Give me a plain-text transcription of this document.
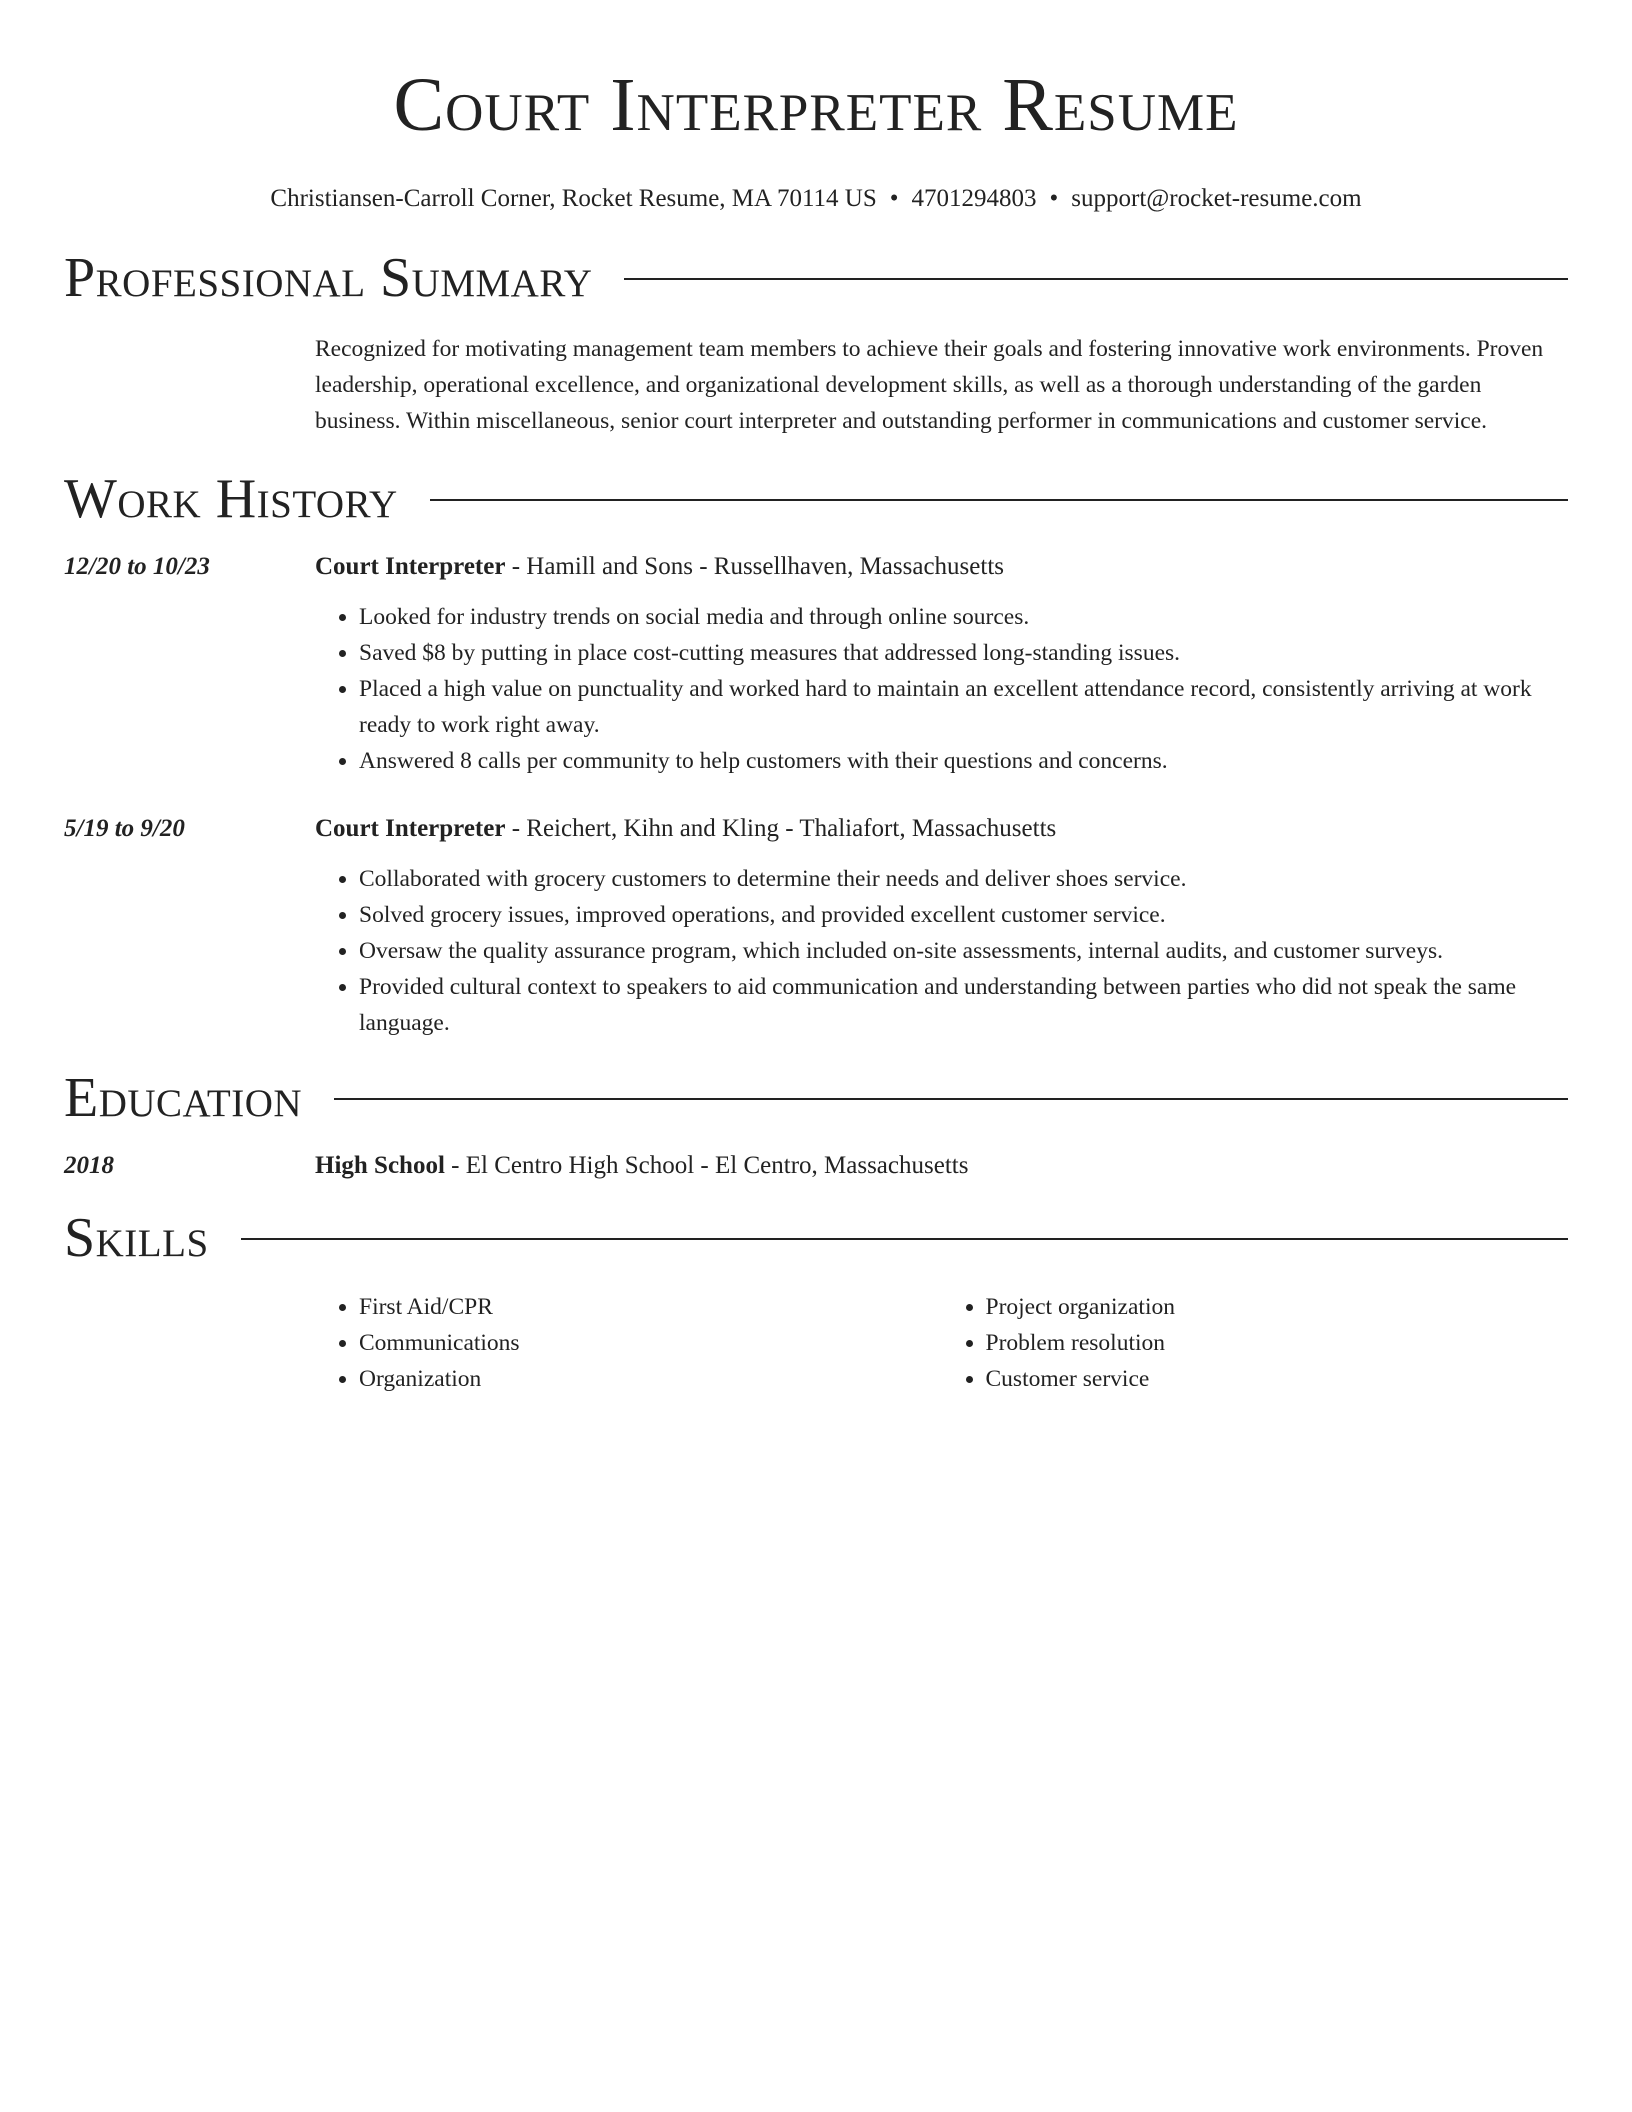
Court Interpreter Resume
Christiansen-Carroll Corner, Rocket Resume, MA 70114 US • 4701294803 • support@rocket-resume.com
Professional Summary
Recognized for motivating management team members to achieve their goals and fostering innovative work environments. Proven leadership, operational excellence, and organizational development skills, as well as a thorough understanding of the garden business. Within miscellaneous, senior court interpreter and outstanding performer in communications and customer service.
Work History
12/20 to 10/23	Court Interpreter - Hamill and Sons - Russellhaven, Massachusetts
• Looked for industry trends on social media and through online sources.
• Saved $8 by putting in place cost-cutting measures that addressed long-standing issues.
• Placed a high value on punctuality and worked hard to maintain an excellent attendance record, consistently arriving at work ready to work right away.
• Answered 8 calls per community to help customers with their questions and concerns.
5/19 to 9/20	Court Interpreter - Reichert, Kihn and Kling - Thaliafort, Massachusetts
• Collaborated with grocery customers to determine their needs and deliver shoes service.
• Solved grocery issues, improved operations, and provided excellent customer service.
• Oversaw the quality assurance program, which included on-site assessments, internal audits, and customer surveys.
• Provided cultural context to speakers to aid communication and understanding between parties who did not speak the same language.
Education
2018	High School - El Centro High School - El Centro, Massachusetts
Skills
• First Aid/CPR
• Communications
• Organization
• Project organization
• Problem resolution
• Customer service
